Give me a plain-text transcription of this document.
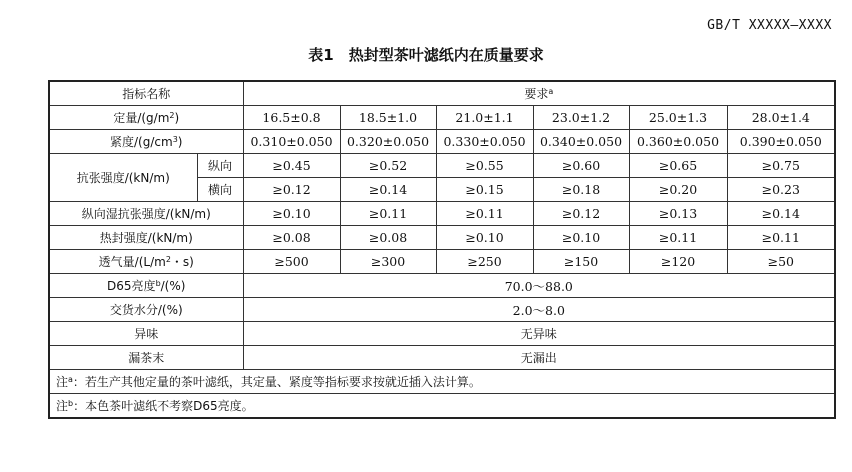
GB/T XXXXX—XXXX
表1　热封型茶叶滤纸内在质量要求
指标名称		要求$^a$
定量$/(g/m^2)$		16.5±0.8	18.5±1.0	21.0±1.1	23.0±1.2	25.0±1.3	28.0±1.4
紧度$/(g/cm^3)$		0.310±0.050	0.320±0.050	0.330±0.050	0.340±0.050	0.360±0.050	0.390±0.050
抗张强度/(kN/m)	纵向	≥0.45	≥0.52	≥0.55	≥0.60	≥0.65	≥0.75
	横向	≥0.12	≥0.14	≥0.15	≥0.18	≥0.20	≥0.23
纵向湿抗张强度/(kN/m)		≥0.10	≥0.11	≥0.11	≥0.12	≥0.13	≥0.14
热封强度/(kN/m)		≥0.08	≥0.08	≥0.10	≥0.10	≥0.11	≥0.11
透气量$/(L/m^2$・s)		≥500	≥300	≥250	≥150	≥120	≥50
D65亮度$^b$/(%)		70.0～88.0					
交货水分/(%)		2.0～8.0					
异味		无异味					
漏茶末		无漏出					
注$^a$：若生产其他定量的茶叶滤纸，其定量、紧度等指标要求按就近插入法计算。							
注$^b$：本色茶叶滤纸不考察D65亮度。							
